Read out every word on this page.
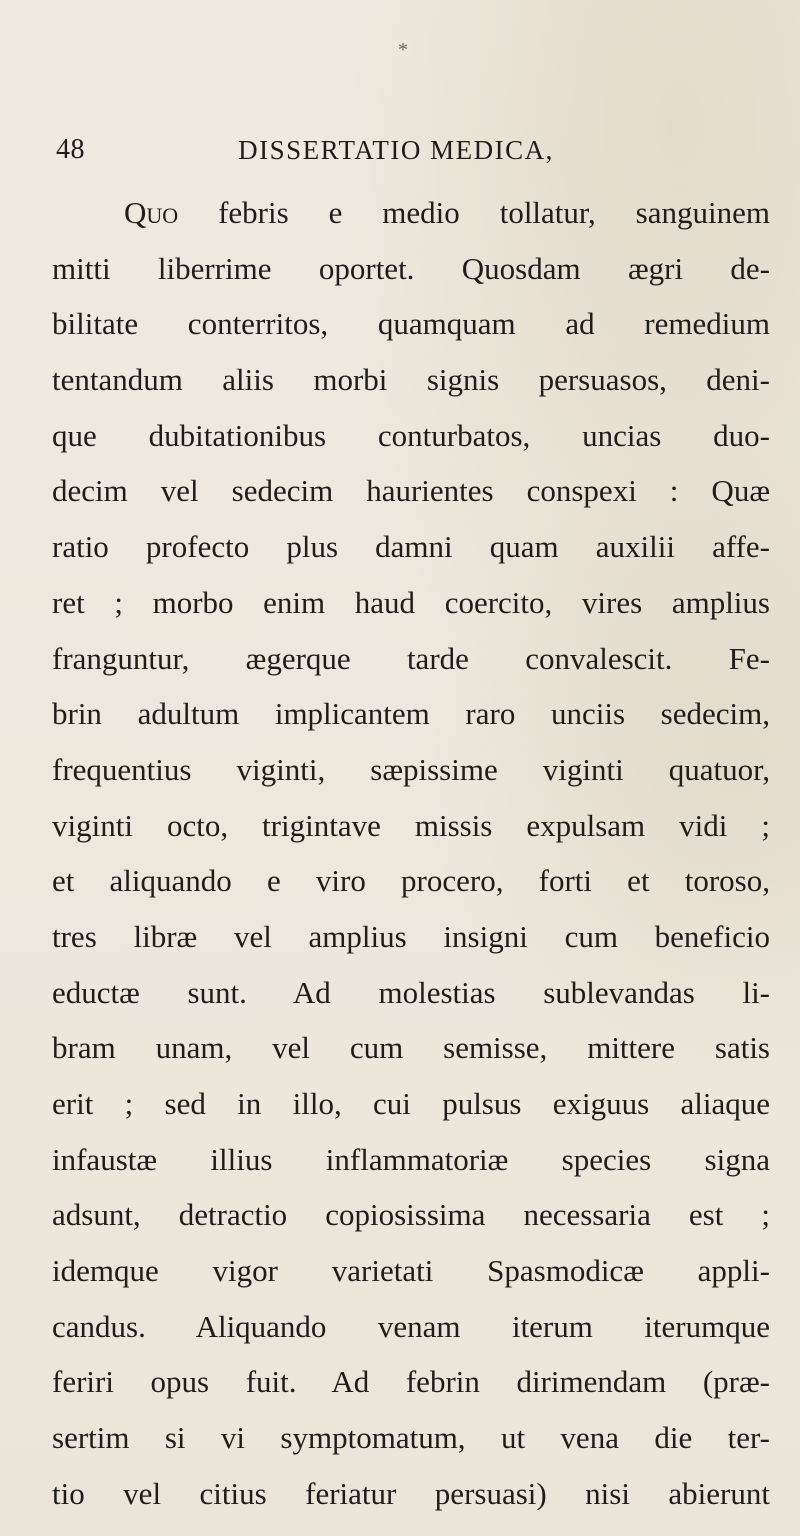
*
48	DISSERTATIO MEDICA,
Quo febris e medio tollatur, sanguinem
mitti liberrime oportet. Quosdam ægri de-
bilitate conterritos, quamquam ad remedium
tentandum aliis morbi signis persuasos, deni-
que dubitationibus conturbatos, uncias duo-
decim vel sedecim haurientes conspexi : Quæ
ratio profecto plus damni quam auxilii affe-
ret ; morbo enim haud coercito, vires amplius
franguntur, ægerque tarde convalescit. Fe-
brin adultum implicantem raro unciis sedecim,
frequentius viginti, sæpissime viginti quatuor,
viginti octo, trigintave missis expulsam vidi ;
et aliquando e viro procero, forti et toroso,
tres libræ vel amplius insigni cum beneficio
eductæ sunt. Ad molestias sublevandas li-
bram unam, vel cum semisse, mittere satis
erit ; sed in illo, cui pulsus exiguus aliaque
infaustæ illius inflammatoriæ species signa
adsunt, detractio copiosissima necessaria est ;
idemque vigor varietati Spasmodicæ appli-
candus. Aliquando venam iterum iterumque
feriri opus fuit. Ad febrin dirimendam (præ-
sertim si vi symptomatum, ut vena die ter-
tio vel citius feriatur persuasi) nisi abierunt
